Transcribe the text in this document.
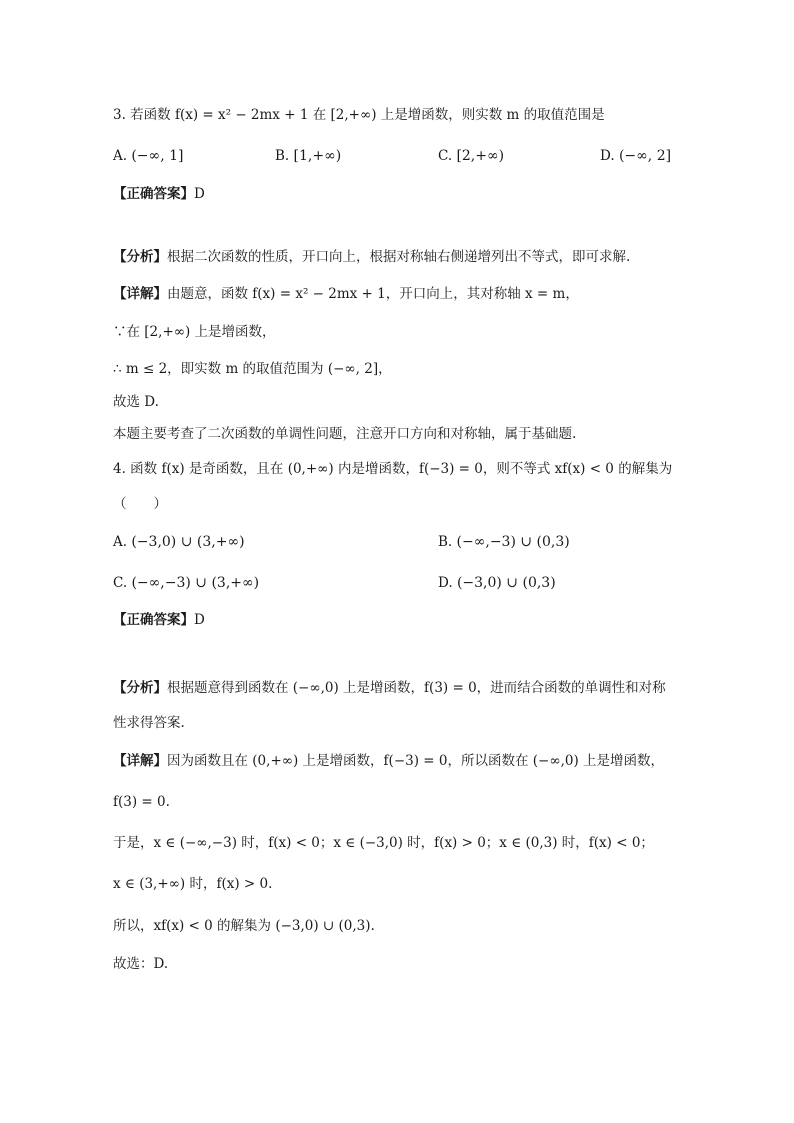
3. 若函数 f(x) = x² − 2mx + 1 在 [2,+∞) 上是增函数，则实数 m 的取值范围是
A. (−∞, 1]	B. [1,+∞)	C. [2,+∞)	D. (−∞, 2]
【正确答案】D
【分析】根据二次函数的性质，开口向上，根据对称轴右侧递增列出不等式，即可求解.
【详解】由题意，函数 f(x) = x² − 2mx + 1，开口向上，其对称轴 x = m，
∵在 [2,+∞) 上是增函数，
∴ m ≤ 2，即实数 m 的取值范围为 (−∞, 2]，
故选 D.
本题主要考查了二次函数的单调性问题，注意开口方向和对称轴，属于基础题.
4. 函数 f(x) 是奇函数，且在 (0,+∞) 内是增函数，f(−3) = 0，则不等式 xf(x) < 0 的解集为
（　　）
A. (−3,0) ∪ (3,+∞)	B. (−∞,−3) ∪ (0,3)
C. (−∞,−3) ∪ (3,+∞)	D. (−3,0) ∪ (0,3)
【正确答案】D
【分析】根据题意得到函数在 (−∞,0) 上是增函数，f(3) = 0，进而结合函数的单调性和对称
性求得答案.
【详解】因为函数且在 (0,+∞) 上是增函数，f(−3) = 0，所以函数在 (−∞,0) 上是增函数，
f(3) = 0.
于是，x ∈ (−∞,−3) 时，f(x) < 0；x ∈ (−3,0) 时，f(x) > 0；x ∈ (0,3) 时，f(x) < 0；
x ∈ (3,+∞) 时，f(x) > 0.
所以，xf(x) < 0 的解集为 (−3,0) ∪ (0,3).
故选：D.
